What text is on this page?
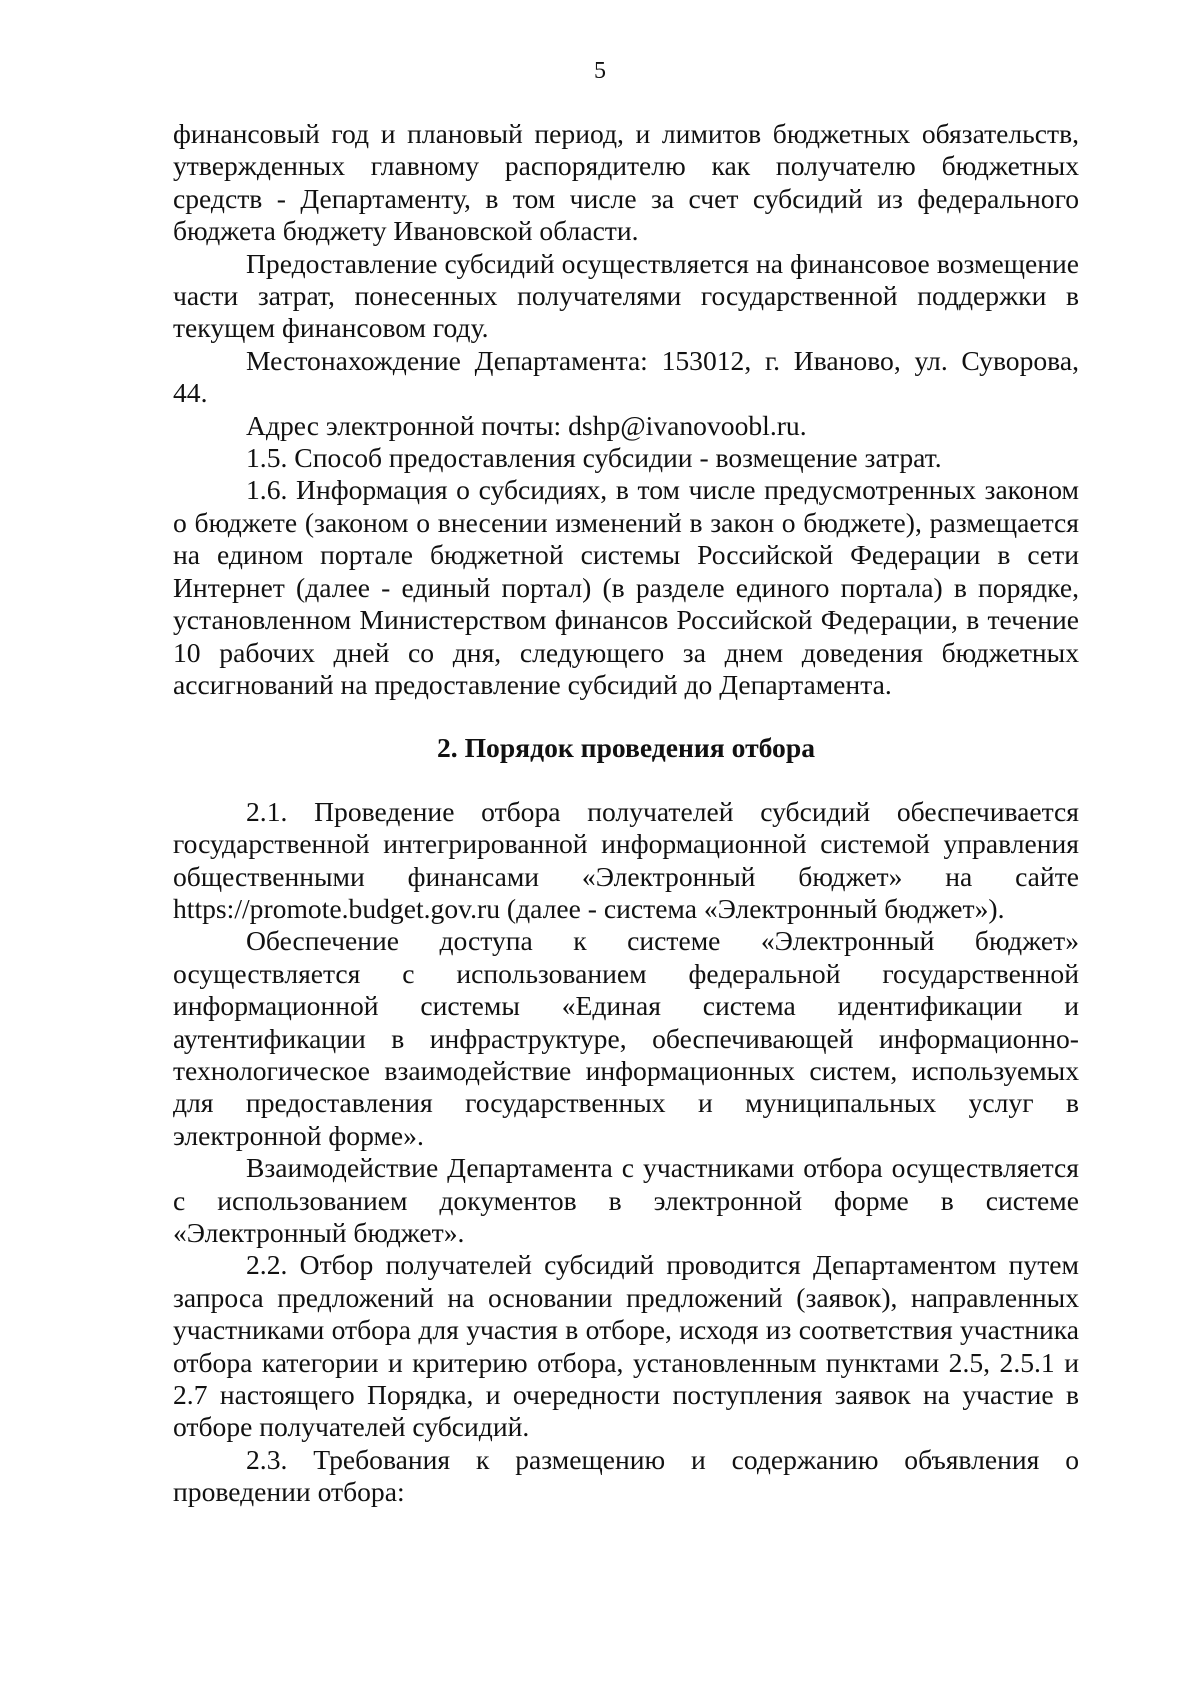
5

финансовый год и плановый период, и лимитов бюджетных обязательств, утвержденных главному распорядителю как получателю бюджетных средств - Департаменту, в том числе за счет субсидий из федерального бюджета бюджету Ивановской области.

Предоставление субсидий осуществляется на финансовое возмещение части затрат, понесенных получателями государственной поддержки в текущем финансовом году.

Местонахождение Департамента: 153012, г. Иваново, ул. Суворова, 44.

Адрес электронной почты: dshp@ivanovoobl.ru.

1.5. Способ предоставления субсидии - возмещение затрат.

1.6. Информация о субсидиях, в том числе предусмотренных законом о бюджете (законом о внесении изменений в закон о бюджете), размещается на едином портале бюджетной системы Российской Федерации в сети Интернет (далее - единый портал) (в разделе единого портала) в порядке, установленном Министерством финансов Российской Федерации, в течение 10 рабочих дней со дня, следующего за днем доведения бюджетных ассигнований на предоставление субсидий до Департамента.

2. Порядок проведения отбора

2.1. Проведение отбора получателей субсидий обеспечивается государственной интегрированной информационной системой управления общественными финансами «Электронный бюджет» на сайте https://promote.budget.gov.ru (далее - система «Электронный бюджет»).

Обеспечение доступа к системе «Электронный бюджет» осуществляется с использованием федеральной государственной информационной системы «Единая система идентификации и аутентификации в инфраструктуре, обеспечивающей информационно-технологическое взаимодействие информационных систем, используемых для предоставления государственных и муниципальных услуг в электронной форме».

Взаимодействие Департамента с участниками отбора осуществляется с использованием документов в электронной форме в системе «Электронный бюджет».

2.2. Отбор получателей субсидий проводится Департаментом путем запроса предложений на основании предложений (заявок), направленных участниками отбора для участия в отборе, исходя из соответствия участника отбора категории и критерию отбора, установленным пунктами 2.5, 2.5.1 и 2.7 настоящего Порядка, и очередности поступления заявок на участие в отборе получателей субсидий.

2.3. Требования к размещению и содержанию объявления о проведении отбора:
